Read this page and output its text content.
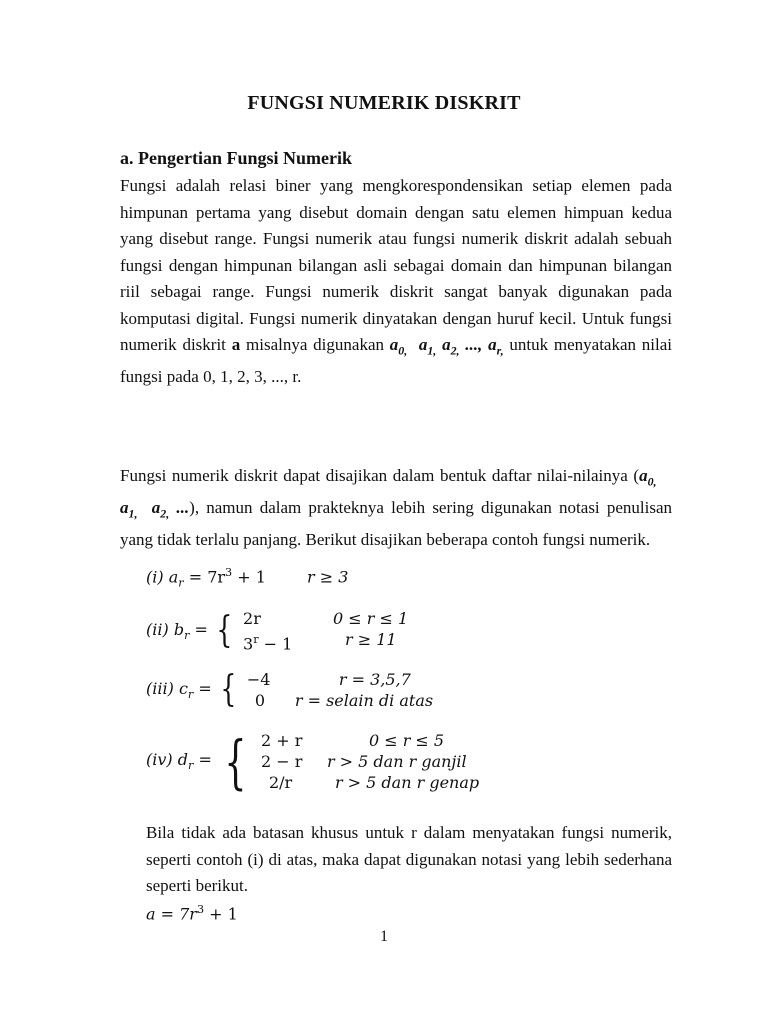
FUNGSI NUMERIK DISKRIT
a. Pengertian Fungsi Numerik
Fungsi adalah relasi biner yang mengkorespondensikan setiap elemen pada himpunan pertama yang disebut domain dengan satu elemen himpuan kedua yang disebut range. Fungsi numerik atau fungsi numerik diskrit adalah sebuah fungsi dengan himpunan bilangan asli sebagai domain dan himpunan bilangan riil sebagai range. Fungsi numerik diskrit sangat banyak digunakan pada komputasi digital. Fungsi numerik dinyatakan dengan huruf kecil. Untuk fungsi numerik diskrit a misalnya digunakan $a_{0,}$ $a_{1,}$ $a_{2,}$ ..., $a_{r,}$ untuk menyatakan nilai fungsi pada 0, 1, 2, 3, ..., r.
Fungsi numerik diskrit dapat disajikan dalam bentuk daftar nilai-nilainya ($a_{0,}$    $a_{1,}$ $a_{2,}$ ...), namun dalam prakteknya lebih sering digunakan notasi penulisan yang tidak terlalu panjang. Berikut disajikan beberapa contoh fungsi numerik.
(i) $a_r = 7r^3 + 1$	r ≥ 3
(ii) $b_r$ = { 2r	0 ≤ r ≤ 1
$3^r - 1$	r ≥ 11
(iii) $c_r$ = { −4	r = 3,5,7
0	r = selain di atas
(iv) $d_r$ = { 2 + r	0 ≤ r ≤ 5
2 − r	r > 5 dan r ganjil
2/r	r > 5 dan r genap
Bila tidak ada batasan khusus untuk r dalam menyatakan fungsi numerik, seperti contoh (i) di atas, maka dapat digunakan notasi yang lebih sederhana seperti berikut.
$a = 7r^3 + 1$
1
